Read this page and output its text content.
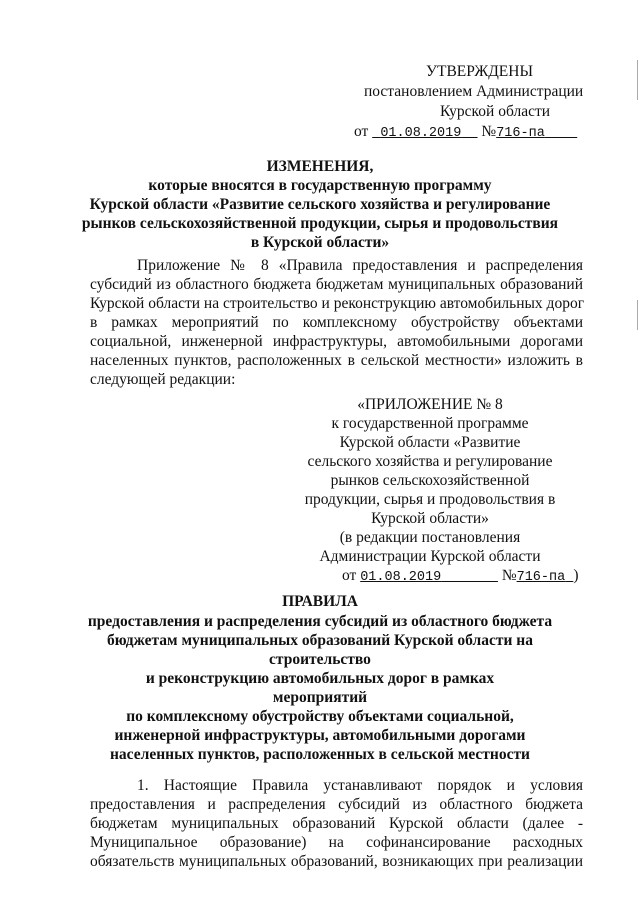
УТВЕРЖДЕНЫ
постановлением Администрации
Курской области
от 01.08.2019 №716-па
ИЗМЕНЕНИЯ,
которые вносятся в государственную программу
Курской области «Развитие сельского хозяйства и регулирование
рынков сельскохозяйственной продукции, сырья и продовольствия
в Курской области»
Приложение № 8 «Правила предоставления и распределения
субсидий из областного бюджета бюджетам муниципальных образований
Курской области на строительство и реконструкцию автомобильных дорог
в рамках мероприятий по комплексному обустройству объектами
социальной, инженерной инфраструктуры, автомобильными дорогами
населенных пунктов, расположенных в сельской местности» изложить в
следующей редакции:
«ПРИЛОЖЕНИЕ № 8
к государственной программе
Курской области «Развитие
сельского хозяйства и регулирование
рынков сельскохозяйственной
продукции, сырья и продовольствия в
Курской области»
(в редакции постановления
Администрации Курской области
от 01.08.2019	№716-па )
ПРАВИЛА
предоставления и распределения субсидий из областного бюджета
бюджетам муниципальных образований Курской области на
строительство
и реконструкцию автомобильных дорог в рамках
мероприятий
по комплексному обустройству объектами социальной,
инженерной инфраструктуры, автомобильными дорогами
населенных пунктов, расположенных в сельской местности
1. Настоящие Правила устанавливают порядок и условия
предоставления и распределения субсидий из областного бюджета
бюджетам муниципальных образований Курской области (далее -
Муниципальное образование) на софинансирование расходных
обязательств муниципальных образований, возникающих при реализации
